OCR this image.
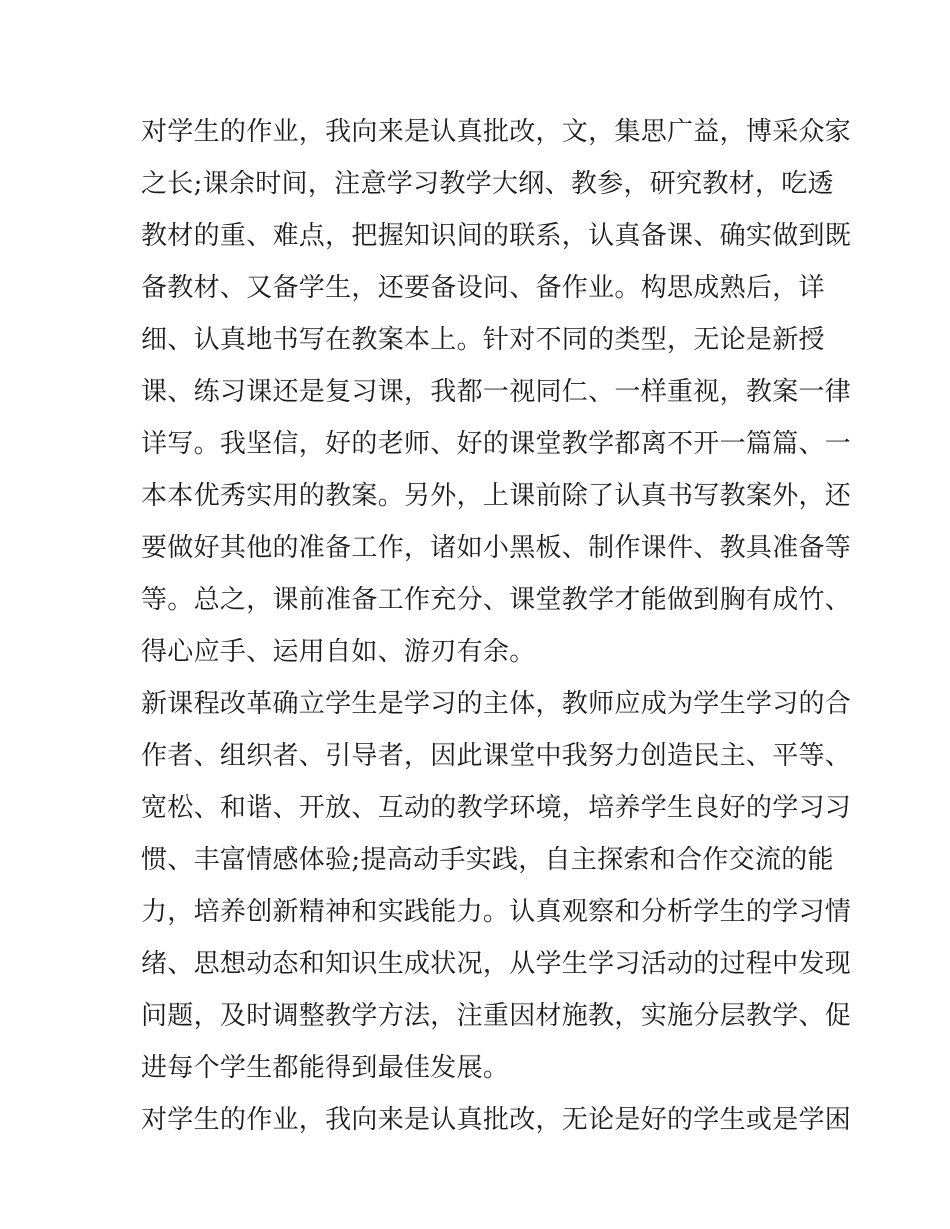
对学生的作业，我向来是认真批改，文，集思广益，博采众家
之长;课余时间，注意学习教学大纲、教参，研究教材，吃透
教材的重、难点，把握知识间的联系，认真备课、确实做到既
备教材、又备学生，还要备设问、备作业。构思成熟后，详
细、认真地书写在教案本上。针对不同的类型，无论是新授
课、练习课还是复习课，我都一视同仁、一样重视，教案一律
详写。我坚信，好的老师、好的课堂教学都离不开一篇篇、一
本本优秀实用的教案。另外，上课前除了认真书写教案外，还
要做好其他的准备工作，诸如小黑板、制作课件、教具准备等
等。总之，课前准备工作充分、课堂教学才能做到胸有成竹、
得心应手、运用自如、游刃有余。

新课程改革确立学生是学习的主体，教师应成为学生学习的合
作者、组织者、引导者，因此课堂中我努力创造民主、平等、
宽松、和谐、开放、互动的教学环境，培养学生良好的学习习
惯、丰富情感体验;提高动手实践，自主探索和合作交流的能
力，培养创新精神和实践能力。认真观察和分析学生的学习情
绪、思想动态和知识生成状况，从学生学习活动的过程中发现
问题，及时调整教学方法，注重因材施教，实施分层教学、促
进每个学生都能得到最佳发展。

对学生的作业，我向来是认真批改，无论是好的学生或是学困
